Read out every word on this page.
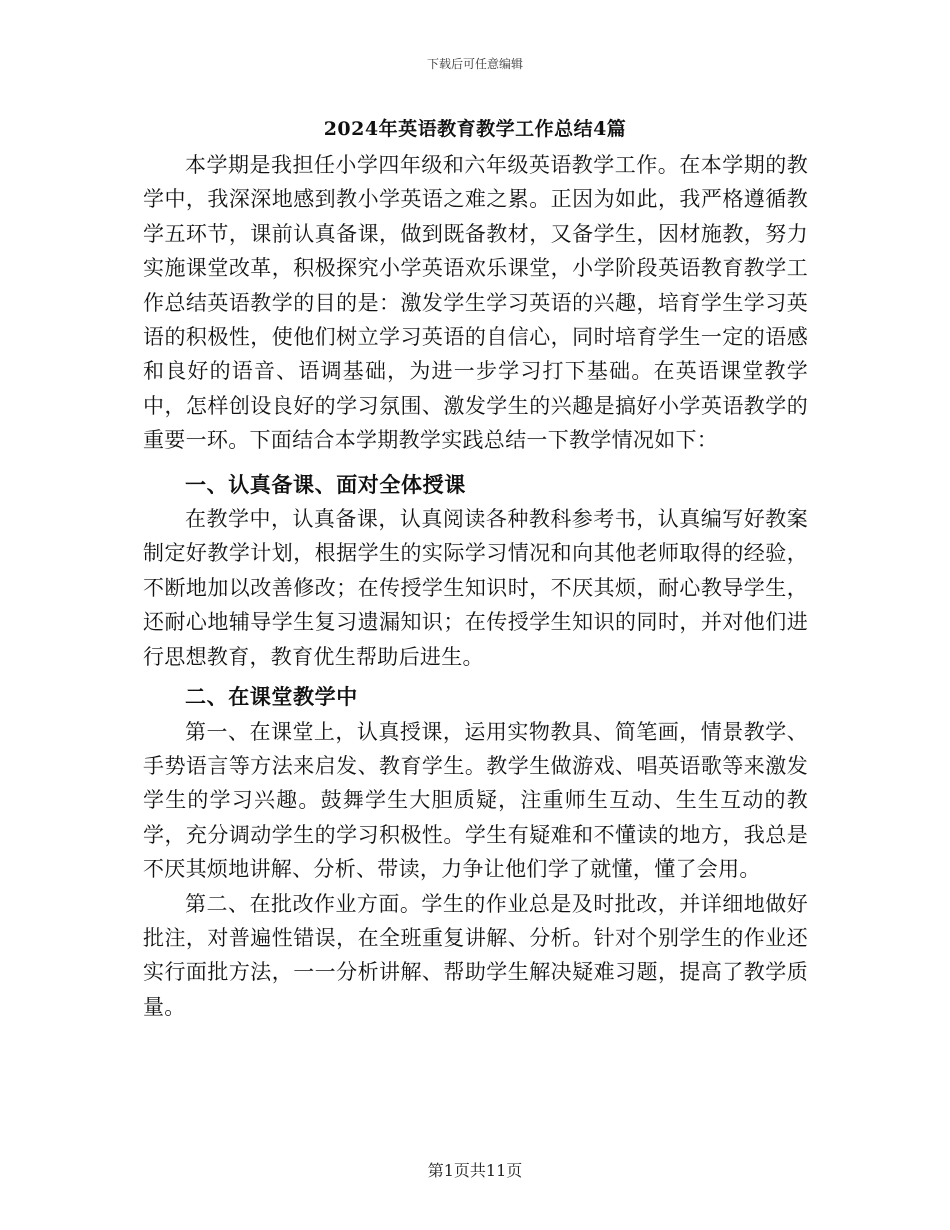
下载后可任意编辑
2024年英语教育教学工作总结4篇

本学期是我担任小学四年级和六年级英语教学工作。在本学期的教学中，我深深地感到教小学英语之难之累。正因为如此，我严格遵循教学五环节，课前认真备课，做到既备教材，又备学生，因材施教，努力实施课堂改革，积极探究小学英语欢乐课堂，小学阶段英语教育教学工作总结英语教学的目的是：激发学生学习英语的兴趣，培育学生学习英语的积极性，使他们树立学习英语的自信心，同时培育学生一定的语感和良好的语音、语调基础，为进一步学习打下基础。在英语课堂教学中，怎样创设良好的学习氛围、激发学生的兴趣是搞好小学英语教学的重要一环。下面结合本学期教学实践总结一下教学情况如下：

一、认真备课、面对全体授课

在教学中，认真备课，认真阅读各种教科参考书，认真编写好教案制定好教学计划，根据学生的实际学习情况和向其他老师取得的经验，不断地加以改善修改；在传授学生知识时，不厌其烦，耐心教导学生，还耐心地辅导学生复习遗漏知识；在传授学生知识的同时，并对他们进行思想教育，教育优生帮助后进生。

二、在课堂教学中

第一、在课堂上，认真授课，运用实物教具、简笔画，情景教学、手势语言等方法来启发、教育学生。教学生做游戏、唱英语歌等来激发学生的学习兴趣。鼓舞学生大胆质疑，注重师生互动、生生互动的教学，充分调动学生的学习积极性。学生有疑难和不懂读的地方，我总是不厌其烦地讲解、分析、带读，力争让他们学了就懂，懂了会用。

第二、在批改作业方面。学生的作业总是及时批改，并详细地做好批注，对普遍性错误，在全班重复讲解、分析。针对个别学生的作业还实行面批方法，一一分析讲解、帮助学生解决疑难习题，提高了教学质量。

第1页共11页
